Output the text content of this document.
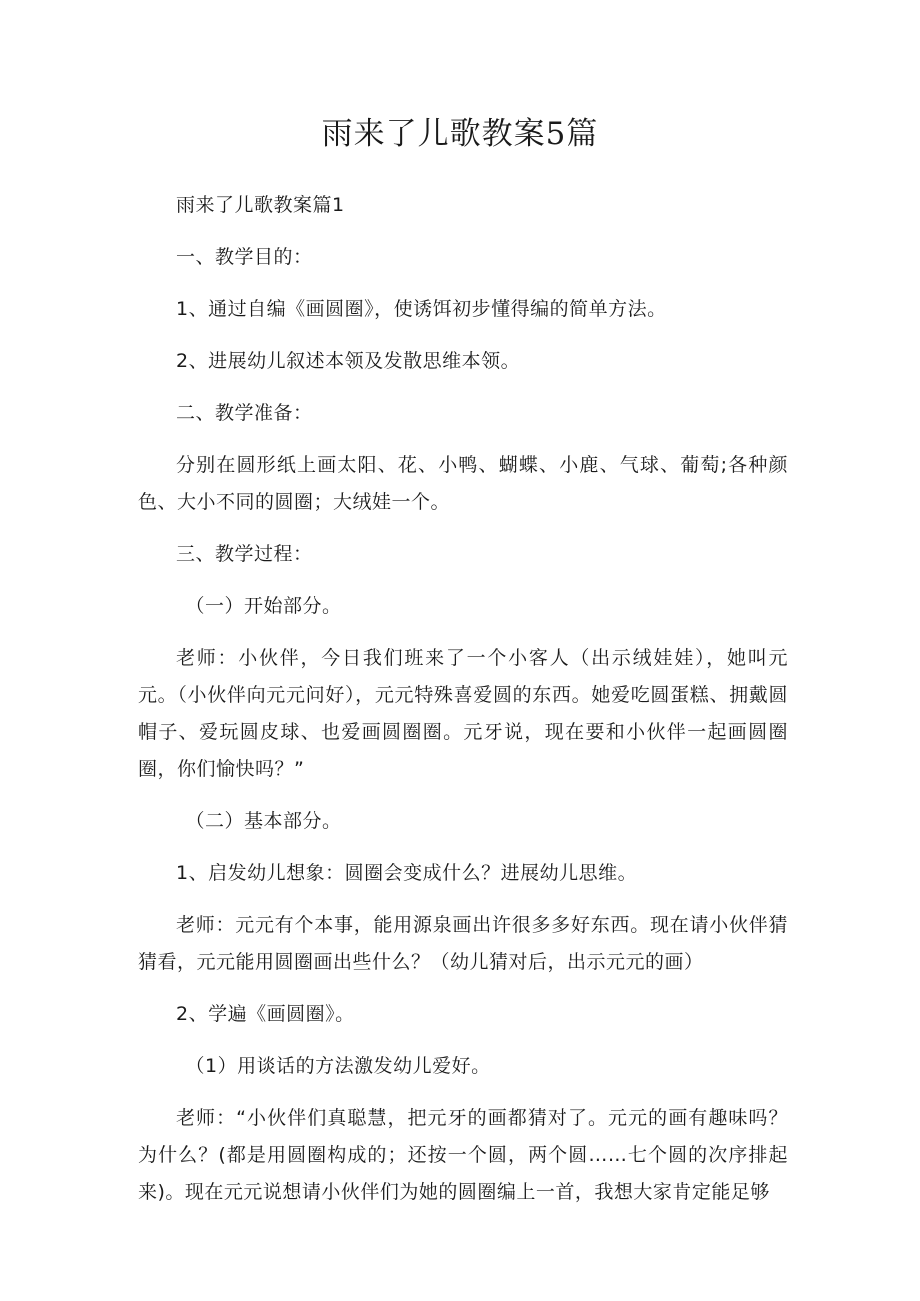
雨来了儿歌教案5篇

雨来了儿歌教案篇1

一、教学目的：

1、通过自编《画圆圈》，使诱饵初步懂得编的简单方法。

2、进展幼儿叙述本领及发散思维本领。

二、教学准备：

分别在圆形纸上画太阳、花、小鸭、蝴蝶、小鹿、气球、葡萄;各种颜色、大小不同的圆圈；大绒娃一个。

三、教学过程：

（一）开始部分。

老师：小伙伴，今日我们班来了一个小客人（出示绒娃娃），她叫元元。（小伙伴向元元问好），元元特殊喜爱圆的东西。她爱吃圆蛋糕、拥戴圆帽子、爱玩圆皮球、也爱画圆圈圈。元牙说，现在要和小伙伴一起画圆圈圈，你们愉快吗？”

（二）基本部分。

1、启发幼儿想象：圆圈会变成什么？进展幼儿思维。

老师：元元有个本事，能用源泉画出许很多多好东西。现在请小伙伴猜猜看，元元能用圆圈画出些什么？（幼儿猜对后，出示元元的画）

2、学遍《画圆圈》。

（1）用谈话的方法激发幼儿爱好。

老师：“小伙伴们真聪慧，把元牙的画都猜对了。元元的画有趣味吗？为什么？(都是用圆圈构成的；还按一个圆，两个圆……七个圆的次序排起来)。现在元元说想请小伙伴们为她的圆圈编上一首，我想大家肯定能足够
